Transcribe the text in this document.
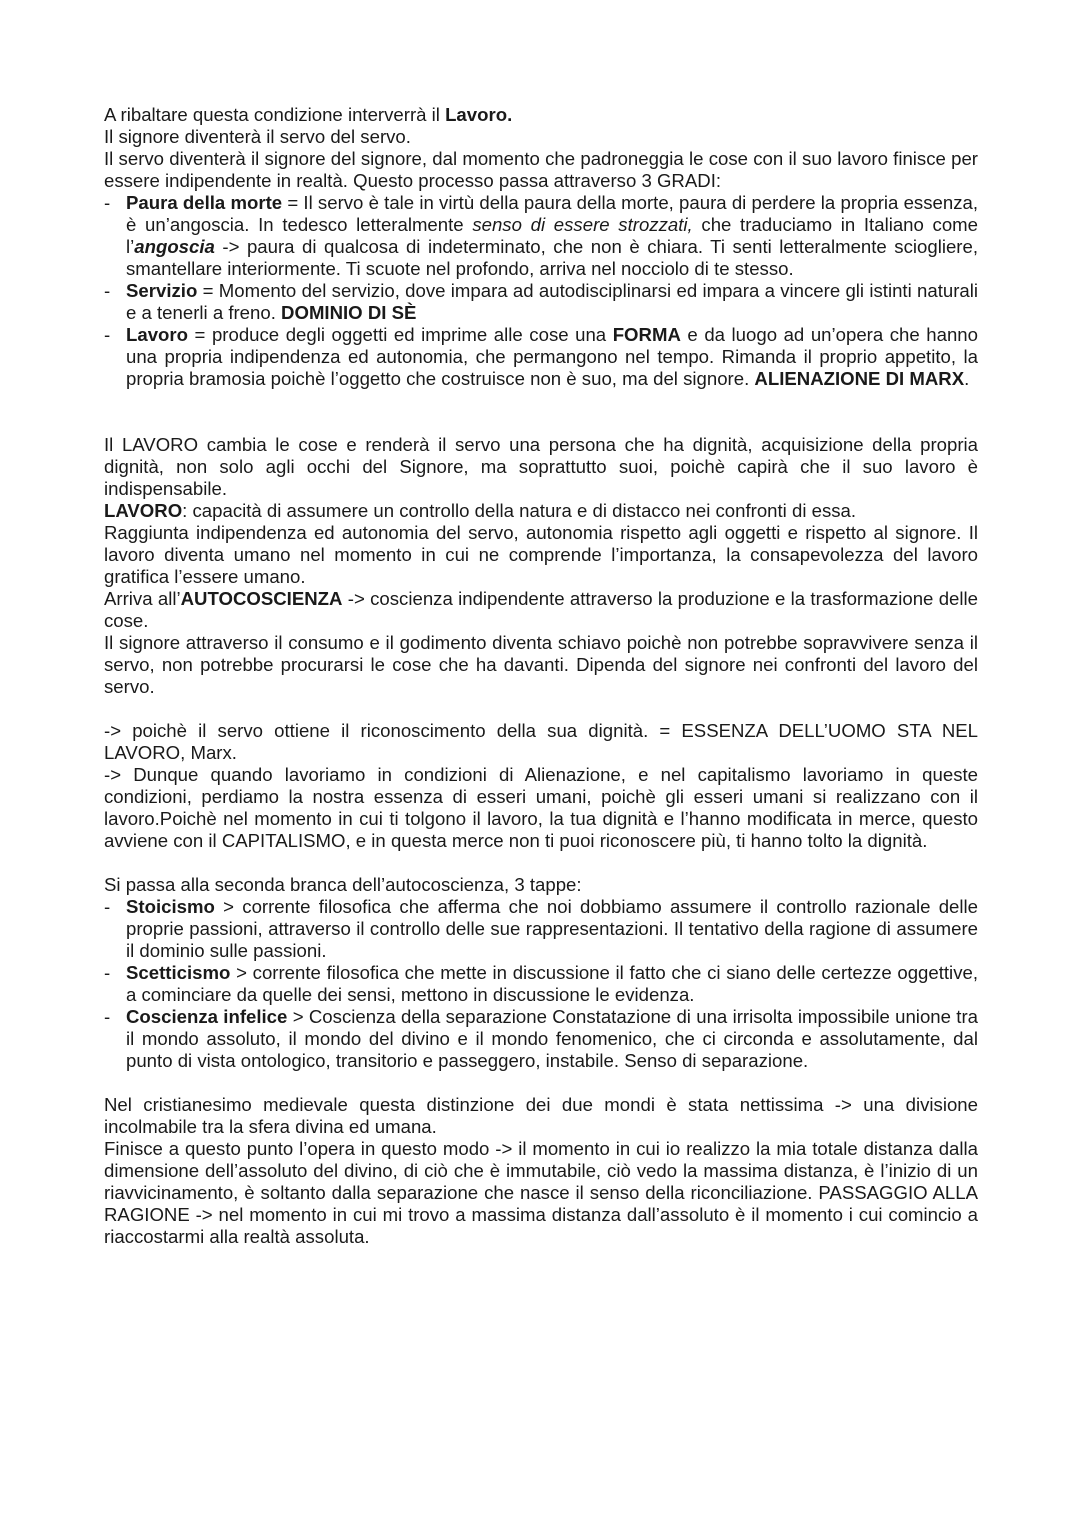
A ribaltare questa condizione interverrà il Lavoro.

Il signore diventerà il servo del servo.

Il servo diventerà il signore del signore, dal momento che padroneggia le cose con il suo lavoro finisce per essere indipendente in realtà. Questo processo passa attraverso 3 GRADI:

- Paura della morte = Il servo è tale in virtù della paura della morte, paura di perdere la propria essenza, è un’angoscia. In tedesco letteralmente senso di essere strozzati, che traduciamo in Italiano come l’angoscia -> paura di qualcosa di indeterminato, che non è chiara. Ti senti letteralmente sciogliere, smantellare interiormente. Ti scuote nel profondo, arriva nel nocciolo di te stesso.
- Servizio = Momento del servizio, dove impara ad autodisciplinarsi ed impara a vincere gli istinti naturali e a tenerli a freno. DOMINIO DI SÈ
- Lavoro = produce degli oggetti ed imprime alle cose una FORMA e da luogo ad un’opera che hanno una propria indipendenza ed autonomia, che permangono nel tempo. Rimanda il proprio appetito, la propria bramosia poichè l’oggetto che costruisce non è suo, ma del signore. ALIENAZIONE DI MARX.

Il LAVORO cambia le cose e renderà il servo una persona che ha dignità, acquisizione della propria dignità, non solo agli occhi del Signore, ma soprattutto suoi, poichè capirà che il suo lavoro è indispensabile.

LAVORO: capacità di assumere un controllo della natura e di distacco nei confronti di essa.

Raggiunta indipendenza ed autonomia del servo, autonomia rispetto agli oggetti e rispetto al signore. Il lavoro diventa umano nel momento in cui ne comprende l’importanza, la consapevolezza del lavoro gratifica l’essere umano.

Arriva all’AUTOCOSCIENZA -> coscienza indipendente attraverso la produzione e la trasformazione delle cose.

Il signore attraverso il consumo e il godimento diventa schiavo poichè non potrebbe sopravvivere senza il servo, non potrebbe procurarsi le cose che ha davanti. Dipenda del signore nei confronti del lavoro del servo.

-> poichè il servo ottiene il riconoscimento della sua dignità. = ESSENZA DELL’UOMO STA NEL LAVORO, Marx.

-> Dunque quando lavoriamo in condizioni di Alienazione, e nel capitalismo lavoriamo in queste condizioni, perdiamo la nostra essenza di esseri umani, poichè gli esseri umani si realizzano con il lavoro.Poichè nel momento in cui ti tolgono il lavoro, la tua dignità e l’hanno modificata in merce, questo avviene con il CAPITALISMO, e in questa merce non ti puoi riconoscere più, ti hanno tolto la dignità.

Si passa alla seconda branca dell’autocoscienza, 3 tappe:

- Stoicismo > corrente filosofica che afferma che noi dobbiamo assumere il controllo razionale delle proprie passioni, attraverso il controllo delle sue rappresentazioni. Il tentativo della ragione di assumere il dominio sulle passioni.
- Scetticismo > corrente filosofica che mette in discussione il fatto che ci siano delle certezze oggettive, a cominciare da quelle dei sensi, mettono in discussione le evidenza.
- Coscienza infelice > Coscienza della separazione Constatazione di una irrisolta impossibile unione tra il mondo assoluto, il mondo del divino e il mondo fenomenico, che ci circonda e assolutamente, dal punto di vista ontologico, transitorio e passeggero, instabile. Senso di separazione.

Nel cristianesimo medievale questa distinzione dei due mondi è stata nettissima -> una divisione incolmabile tra la sfera divina ed umana.

Finisce a questo punto l’opera in questo modo -> il momento in cui io realizzo la mia totale distanza dalla dimensione dell’assoluto del divino, di ciò che è immutabile, ciò vedo la massima distanza, è l’inizio di un riavvicinamento, è soltanto dalla separazione che nasce il senso della riconciliazione. PASSAGGIO ALLA RAGIONE -> nel momento in cui mi trovo a massima distanza dall’assoluto è il momento i cui comincio a riaccostarmi alla realtà assoluta.
